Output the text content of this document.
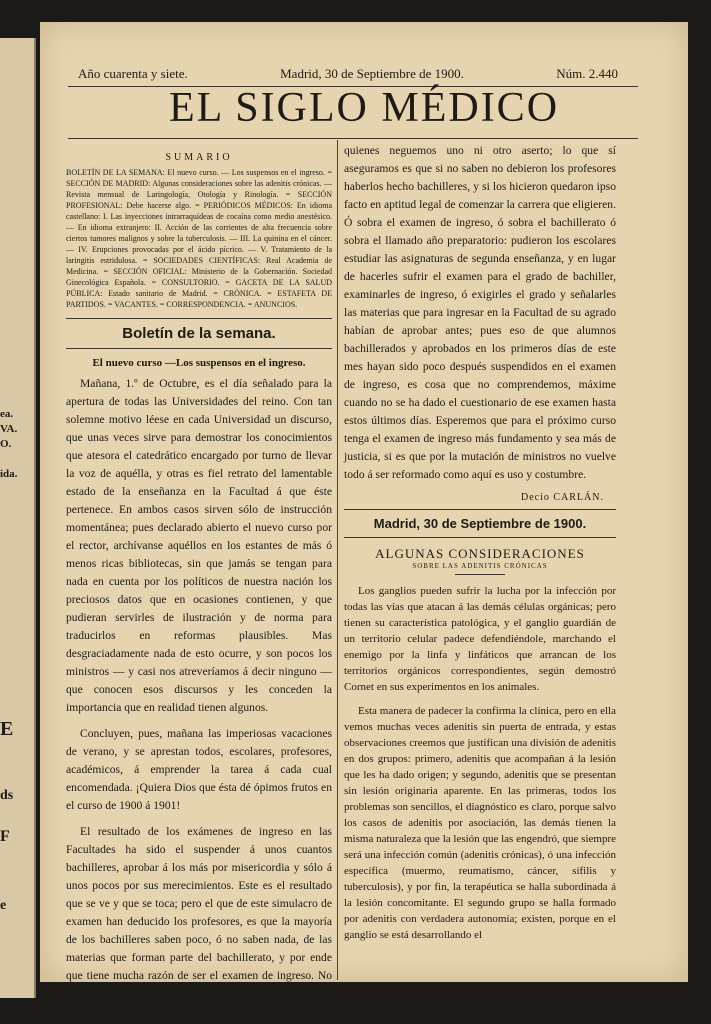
ea.
VA.
O.
ida.
E
ds
F
e
Año cuarenta y siete.	Madrid, 30 de Septiembre de 1900.	Núm. 2.440
EL SIGLO MÉDICO
SUMARIO
BOLETÍN DE LA SEMANA: El nuevo curso. — Los suspensos en el ingreso. = SECCIÓN DE MADRID: Algunas consideraciones sobre las adenitis crónicas. — Revista mensual de Laringología, Otología y Rinología. = SECCIÓN PROFESIONAL: Debe hacerse algo. = PERIÓDICOS MÉDICOS: En idioma castellano: I. Las inyecciones intrarraquídeas de cocaína como medio anestésico. — En idioma extranjero: II. Acción de las corrientes de alta frecuencia sobre ciertos tumores malignos y sobre la tuberculosis. — III. La quinina en el cáncer. — IV. Erupciones provocadas por el ácido pícrico. — V. Tratamiento de la laringitis estridulosa. = SOCIEDADES CIENTÍFICAS: Real Academia de Medicina. = SECCIÓN OFICIAL: Ministerio de la Gobernación. Sociedad Ginecológica Española. = CONSULTORIO. = GACETA DE LA SALUD PÚBLICA: Estado sanitario de Madrid. = CRÓNICA. = ESTAFETA DE PARTIDOS. = VACANTES. = CORRESPONDENCIA. = ANUNCIOS.
Boletín de la semana.
El nuevo curso —Los suspensos en el ingreso.

Mañana, 1.º de Octubre, es el día señalado para la apertura de todas las Universidades del reino. Con tan solemne motivo léese en cada Universidad un discurso, que unas veces sirve para demostrar los conocimientos que atesora el catedrático encargado por turno de llevar la voz de aquélla, y otras es fiel retrato del lamentable estado de la enseñanza en la Facultad á que éste pertenece. En ambos casos sirven sólo de instrucción momentánea; pues declarado abierto el nuevo curso por el rector, archívanse aquéllos en los estantes de más ó menos ricas bibliotecas, sin que jamás se tengan para nada en cuenta por los políticos de nuestra nación los preciosos datos que en ocasiones contienen, y que pudieran servirles de ilustración y de norma para traducirlos en reformas plausibles. Mas desgraciadamente nada de esto ocurre, y son pocos los ministros — y casi nos atreveríamos á decir ninguno — que conocen esos discursos y les conceden la importancia que en realidad tienen algunos.

Concluyen, pues, mañana las imperiosas vacaciones de verano, y se aprestan todos, escolares, profesores, académicos, á emprender la tarea á cada cual encomendada. ¡Quiera Dios que ésta dé ópimos frutos en el curso de 1900 á 1901!

El resultado de los exámenes de ingreso en las Facultades ha sido el suspender á unos cuantos bachilleres, aprobar á los más por misericordia y sólo á unos pocos por sus merecimientos. Este es el resultado que se ve y que se toca; pero el que de este simulacro de examen han deducido los profesores, es que la mayoría de los bachilleres saben poco, ó no saben nada, de las materias que forman parte del bachillerato, y por ende que tiene mucha razón de ser el examen de ingreso. No seremos nosotros

quienes neguemos uno ni otro aserto; lo que sí aseguramos es que si no saben no debieron los profesores haberlos hecho bachilleres, y si los hicieron quedaron ipso facto en aptitud legal de comenzar la carrera que eligieren. Ó sobra el examen de ingreso, ó sobra el bachillerato ó sobra el llamado año preparatorio: pudieron los escolares estudiar las asignaturas de segunda enseñanza, y en lugar de hacerles sufrir el examen para el grado de bachiller, examinarles de ingreso, ó exigirles el grado y señalarles las materias que para ingresar en la Facultad de su agrado habían de aprobar antes; pues eso de que alumnos bachillerados y aprobados en los primeros días de este mes hayan sido poco después suspendidos en el examen de ingreso, es cosa que no comprendemos, máxime cuando no se ha dado el cuestionario de ese examen hasta estos últimos días. Esperemos que para el próximo curso tenga el examen de ingreso más fundamento y sea más de justicia, si es que por la mutación de ministros no vuelve todo á ser reformado como aquí es uso y costumbre.

Decio CARLÁN.
Madrid, 30 de Septiembre de 1900.
ALGUNAS CONSIDERACIONES
SOBRE LAS ADENITIS CRÓNICAS

Los ganglios pueden sufrir la lucha por la infección por todas las vías que atacan á las demás células orgánicas; pero tienen su característica patológica, y el ganglio guardián de un territorio celular padece defendiéndole, marchando el enemigo por la linfa y linfáticos que arrancan de los territorios orgánicos correspondientes, según demostró Cornet en sus experimentos en los animales.

Esta manera de padecer la confirma la clínica, pero en ella vemos muchas veces adenitis sin puerta de entrada, y estas observaciones creemos que justifican una división de adenitis en dos grupos: primero, adenitis que acompañan á la lesión que les ha dado origen; y segundo, adenitis que se presentan sin lesión originaria aparente. En las primeras, todos los problemas son sencillos, el diagnóstico es claro, porque salvo los casos de adenitis por asociación, las demás tienen la misma naturaleza que la lesión que las engendró, que siempre será una infección común (adenitis crónicas), ó una infección específica (muermo, reumatismo, cáncer, sífilis y tuberculosis), y por fin, la terapéutica se halla subordinada á la lesión concomitante. El segundo grupo se halla formado por adenitis con verdadera autonomía; existen, porque en el ganglio se está desarrollando el
